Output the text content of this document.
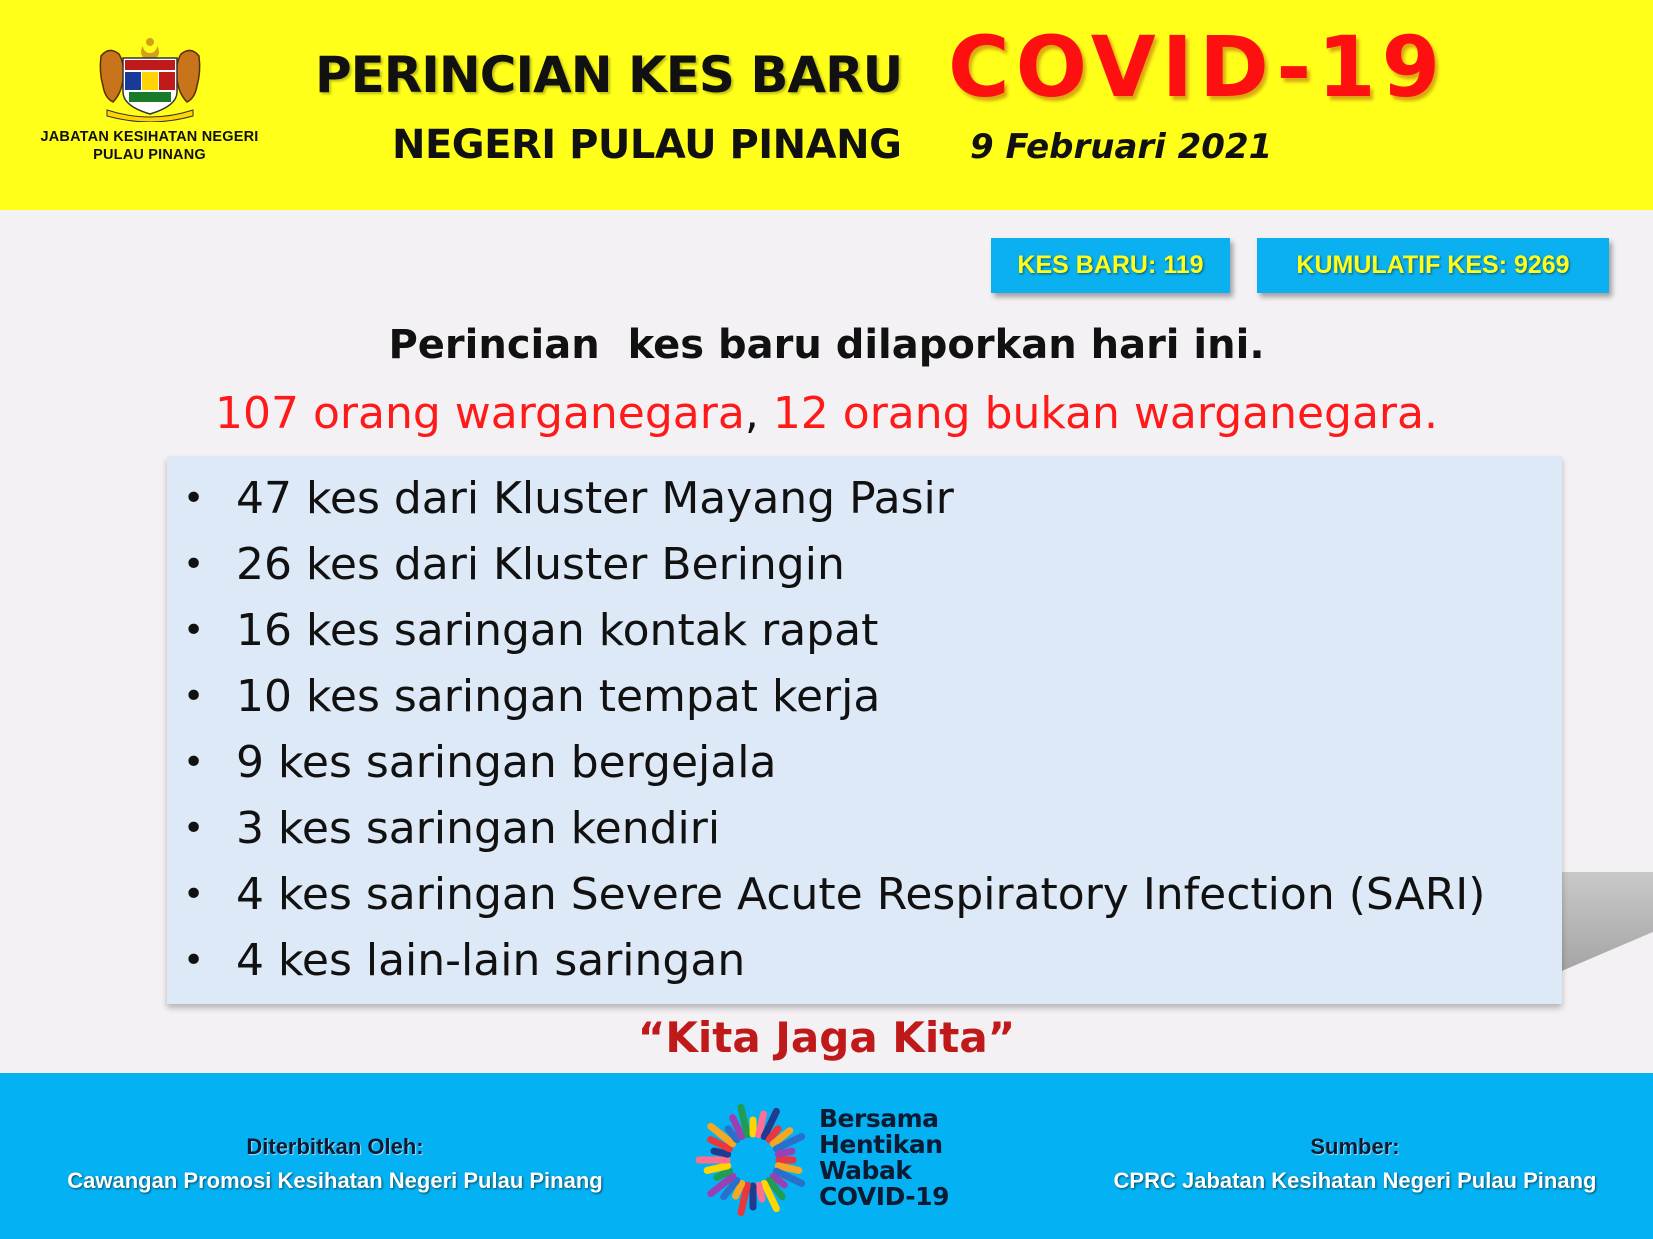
JABATAN KESIHATAN NEGERI
PULAU PINANG
PERINCIAN KES BARU COVID-19
NEGERI PULAU PINANG 9 Februari 2021
KES BARU: 119	KUMULATIF KES: 9269
Perincian  kes baru dilaporkan hari ini.
107 orang warganegara, 12 orang bukan warganegara.
• 47 kes dari Kluster Mayang Pasir
• 26 kes dari Kluster Beringin
• 16 kes saringan kontak rapat
• 10 kes saringan tempat kerja
• 9 kes saringan bergejala
• 3 kes saringan kendiri
• 4 kes saringan Severe Acute Respiratory Infection (SARI)
• 4 kes lain-lain saringan
“Kita Jaga Kita”
Diterbitkan Oleh:
Cawangan Promosi Kesihatan Negeri Pulau Pinang
Bersama
Hentikan
Wabak
COVID-19
Sumber:
CPRC Jabatan Kesihatan Negeri Pulau Pinang
